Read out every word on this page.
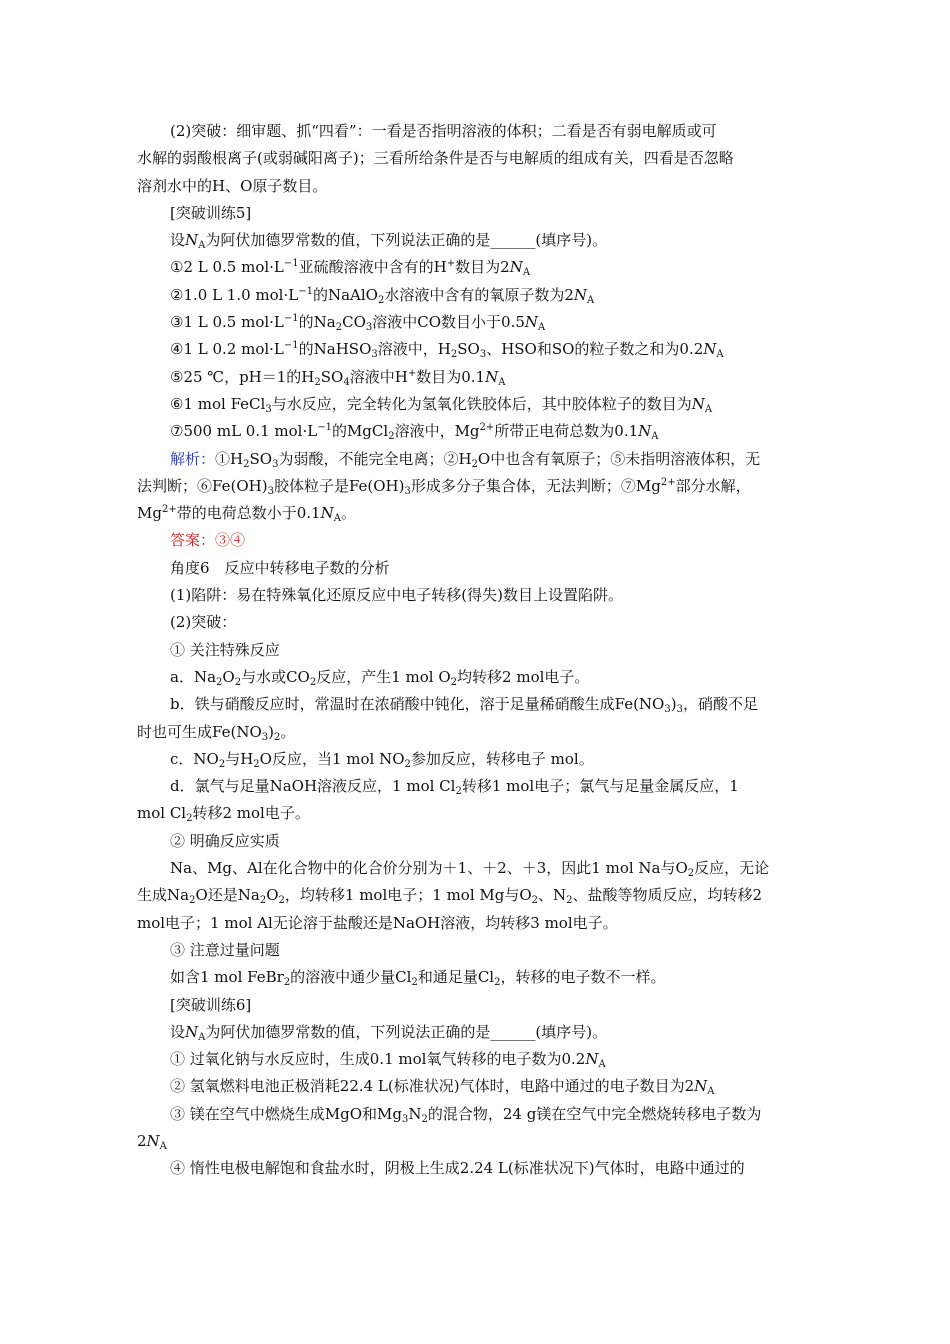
(2)突破：细审题、抓“四看”：一看是否指明溶液的体积；二看是否有弱电解质或可
水解的弱酸根离子(或弱碱阳离子)；三看所给条件是否与电解质的组成有关，四看是否忽略
溶剂水中的H、O原子数目。
[突破训练5]
设$N_A$为阿伏加德罗常数的值，下列说法正确的是______(填序号)。
①2 L 0.5 $mol\cdot L^{-1}$亚硫酸溶液中含有的H+数目为$2N_A$
②1.0 L 1.0 $mol\cdot L^{-1}$的NaAlO$_2$水溶液中含有的氧原子数为$2N_A$
③1 L 0.5 $mol\cdot L^{-1}$的$Na_2CO_3$溶液中CO数目小于$0.5N_A$
④1 L 0.2 $mol\cdot L^{-1}$的NaHSO$_3$溶液中，$H_2SO_3$、HSO和SO的粒子数之和为$0.2N_A$
⑤25 ℃，pH＝1的$H_2SO_4$溶液中H+数目为$0.1N_A$
⑥1 mol FeCl$_3$与水反应，完全转化为氢氧化铁胶体后，其中胶体粒子的数目为$N_A$
⑦500 mL 0.1 $mol\cdot L^{-1}$的MgCl$_2$溶液中，$Mg^{2+}$所带正电荷总数为$0.1N_A$
解析：$①H_2SO_3$为弱酸，不能完全电离；$②H_2O$中也含有氧原子；⑤未指明溶液体积，无
法判断；$⑥Fe(OH)_3$胶体粒子是$Fe(OH)_3$形成多分子集合体，无法判断；$⑦Mg^{2+}$部分水解，
$Mg^{2+}$带的电荷总数小于$0.1N_A$。
答案：③④
角度6　反应中转移电子数的分析
(1)陷阱：易在特殊氧化还原反应中电子转移(得失)数目上设置陷阱。
(2)突破：
① 关注特殊反应
a．$Na_2O_2$与水或$CO_2$反应，产生1 mol $O_2$均转移2 mol电子。
b．铁与硝酸反应时，常温时在浓硝酸中钝化，溶于足量稀硝酸生成$Fe(NO_3)_3$，硝酸不足
时也可生成$Fe(NO_3)_2$。
c．$NO_2$与$H_2O$反应，当1 mol $NO_2$参加反应，转移电子 mol。
d．氯气与足量NaOH溶液反应，1 mol $Cl_2$转移1 mol电子；氯气与足量金属反应，1
mol $Cl_2$转移2 mol电子。
② 明确反应实质
Na、Mg、Al在化合物中的化合价分别为＋1、＋2、＋3，因此1 mol Na与$O_2$反应，无论
生成$Na_2O$还是$Na_2O_2$，均转移1 mol电子；1 mol Mg与$O_2$、$N_2$、盐酸等物质反应，均转移2
mol电子；1 mol Al无论溶于盐酸还是NaOH溶液，均转移3 mol电子。
③ 注意过量问题
如含1 mol FeBr$_2$的溶液中通少量$Cl_2$和通足量$Cl_2$，转移的电子数不一样。
[突破训练6]
设$N_A$为阿伏加德罗常数的值，下列说法正确的是______(填序号)。
① 过氧化钠与水反应时，生成0.1 mol氧气转移的电子数为$0.2N_A$
② 氢氧燃料电池正极消耗22.4 L(标准状况)气体时，电路中通过的电子数目为$2N_A$
③ 镁在空气中燃烧生成MgO和$Mg_3N_2$的混合物，24 g镁在空气中完全燃烧转移电子数为
$2N_A$
④ 惰性电极电解饱和食盐水时，阴极上生成2.24 L(标准状况下)气体时，电路中通过的
